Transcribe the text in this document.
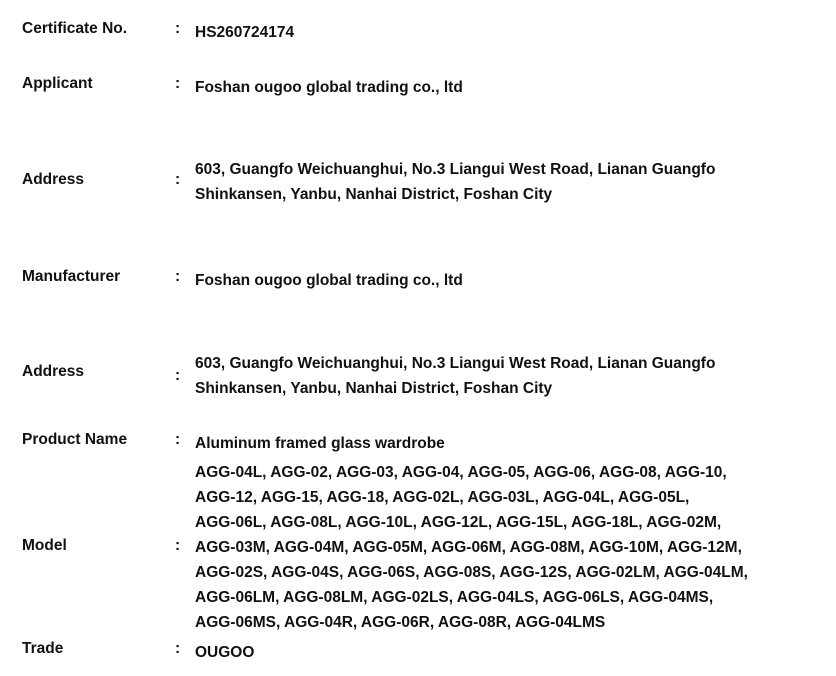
Certificate No.	: HS260724174
Applicant	: Foshan ougoo global trading co., ltd
Address	:
603, Guangfo Weichuanghui, No.3 Liangui West Road, Lianan Guangfo
Shinkansen, Yanbu, Nanhai District, Foshan City
Manufacturer	: Foshan ougoo global trading co., ltd
Address	:
603, Guangfo Weichuanghui, No.3 Liangui West Road, Lianan Guangfo
Shinkansen, Yanbu, Nanhai District, Foshan City
Product Name	: Aluminum framed glass wardrobe
Model	:
AGG-04L, AGG-02, AGG-03, AGG-04, AGG-05, AGG-06, AGG-08, AGG-10,
AGG-12, AGG-15, AGG-18, AGG-02L, AGG-03L, AGG-04L, AGG-05L,
AGG-06L, AGG-08L, AGG-10L, AGG-12L, AGG-15L, AGG-18L, AGG-02M,
AGG-03M, AGG-04M, AGG-05M, AGG-06M, AGG-08M, AGG-10M, AGG-12M,
AGG-02S, AGG-04S, AGG-06S, AGG-08S, AGG-12S, AGG-02LM, AGG-04LM,
AGG-06LM, AGG-08LM, AGG-02LS, AGG-04LS, AGG-06LS, AGG-04MS,
AGG-06MS, AGG-04R, AGG-06R, AGG-08R, AGG-04LMS
Trade	: OUGOO
